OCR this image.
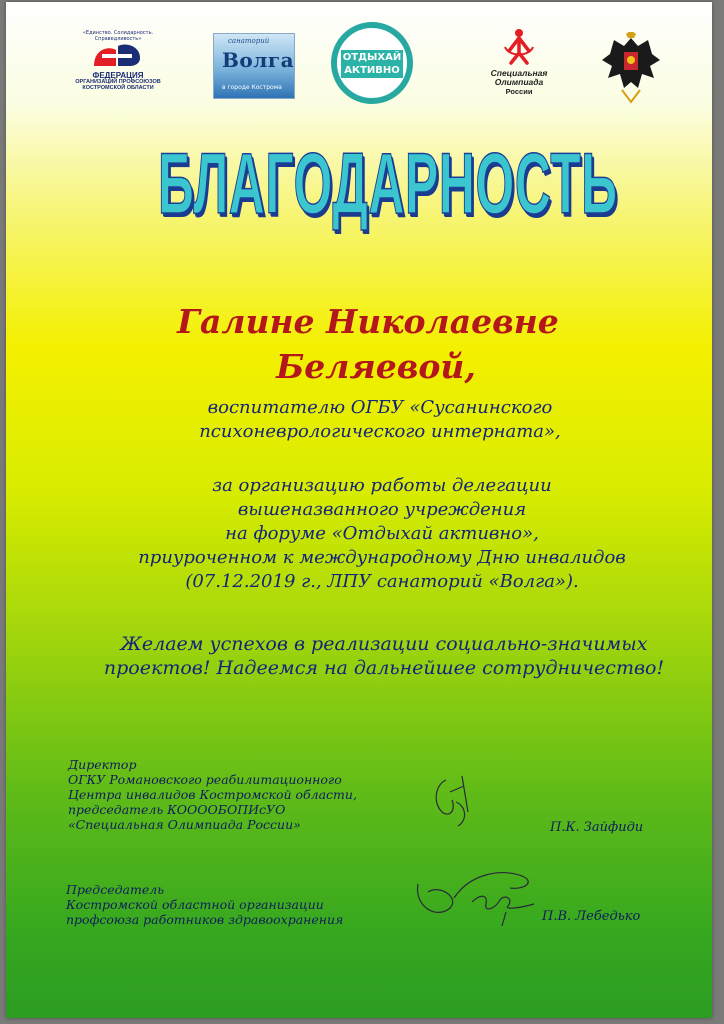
«Единство. Солидарность. Справедливость»
ФЕДЕРАЦИЯ
ОРГАНИЗАЦИЙ ПРОФСОЮЗОВ
КОСТРОМСКОЙ ОБЛАСТИ
санаторий
Волга
в городе Кострома
ОТДЫХАЙ
АКТИВНО	Специальная
Олимпиада
России
БЛАГОДАРНОСТЬ
Галине Николаевне
Беляевой,
воспитателю ОГБУ «Сусанинского
психоневрологического интерната»,
за организацию работы делегации
вышеназванного учреждения
на форуме «Отдыхай активно»,
приуроченном к международному Дню инвалидов
(07.12.2019 г., ЛПУ санаторий «Волга»).
Желаем успехов в реализации социально-значимых
проектов! Надеемся на дальнейшее сотрудничество!
Директор
ОГКУ Романовского реабилитационного
Центра инвалидов Костромской области,
председатель КОООOБОПИсУО
«Специальная Олимпиада России»	П.К. Зайфиди
Председатель
Костромской областной организации
профсоюза работников здравоохранения	П.В. Лебедько
